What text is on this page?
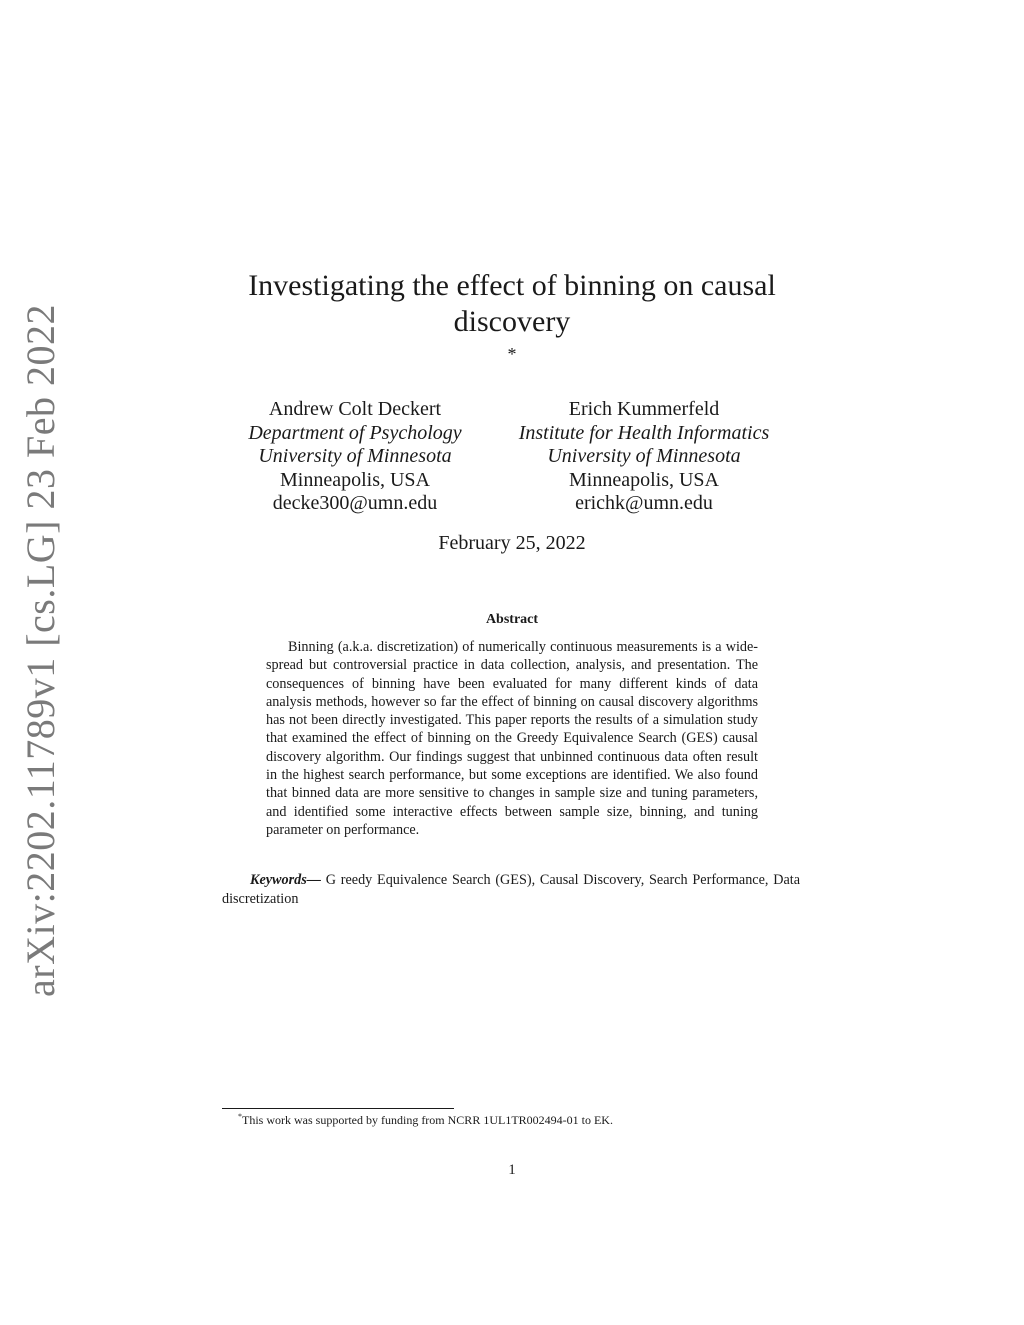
arXiv:2202.11789v1 [cs.LG] 23 Feb 2022
Investigating the effect of binning on causal discovery
*
Andrew Colt Deckert
Department of Psychology
University of Minnesota
Minneapolis, USA
decke300@umn.edu
Erich Kummerfeld
Institute for Health Informatics
University of Minnesota
Minneapolis, USA
erichk@umn.edu
February 25, 2022
Abstract

Binning (a.k.a. discretization) of numerically continuous measurements is a wide-spread but controversial practice in data collection, analysis, and presentation. The consequences of binning have been evaluated for many different kinds of data analysis methods, however so far the effect of binning on causal discovery algorithms has not been directly investigated. This paper reports the results of a simulation study that examined the effect of binning on the Greedy Equivalence Search (GES) causal discovery algorithm. Our findings suggest that unbinned continuous data often result in the highest search performance, but some exceptions are identified. We also found that binned data are more sensitive to changes in sample size and tuning parameters, and identified some interactive effects between sample size, binning, and tuning parameter on performance.

Keywords— G reedy Equivalence Search (GES), Causal Discovery, Search Performance, Data discretization

*This work was supported by funding from NCRR 1UL1TR002494-01 to EK.
1
